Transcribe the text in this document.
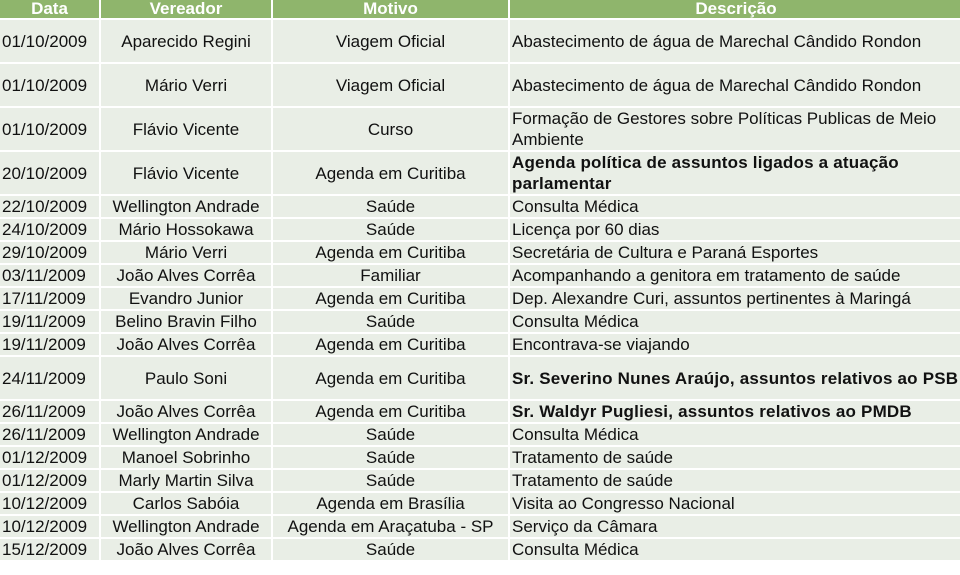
Data	Vereador	Motivo	Descrição
01/10/2009	Aparecido Regini	Viagem Oficial	Abastecimento de água de Marechal Cândido Rondon
01/10/2009	Mário Verri	Viagem Oficial	Abastecimento de água de Marechal Cândido Rondon
01/10/2009	Flávio Vicente	Curso	Formação de Gestores sobre Políticas Publicas de Meio Ambiente
20/10/2009	Flávio Vicente	Agenda em Curitiba	Agenda política de assuntos ligados a atuação parlamentar
22/10/2009	Wellington Andrade	Saúde	Consulta Médica
24/10/2009	Mário Hossokawa	Saúde	Licença por 60 dias
29/10/2009	Mário Verri	Agenda em Curitiba	Secretária de Cultura e Paraná Esportes
03/11/2009	João Alves Corrêa	Familiar	Acompanhando a genitora em tratamento de saúde
17/11/2009	Evandro Junior	Agenda em Curitiba	Dep. Alexandre Curi, assuntos pertinentes à Maringá
19/11/2009	Belino Bravin Filho	Saúde	Consulta Médica
19/11/2009	João Alves Corrêa	Agenda em Curitiba	Encontrava-se viajando
24/11/2009	Paulo Soni	Agenda em Curitiba	Sr. Severino Nunes Araújo, assuntos relativos ao PSB
26/11/2009	João Alves Corrêa	Agenda em Curitiba	Sr. Waldyr Pugliesi, assuntos relativos ao PMDB
26/11/2009	Wellington Andrade	Saúde	Consulta Médica
01/12/2009	Manoel Sobrinho	Saúde	Tratamento de saúde
01/12/2009	Marly Martin Silva	Saúde	Tratamento de saúde
10/12/2009	Carlos Sabóia	Agenda em Brasília	Visita ao Congresso Nacional
10/12/2009	Wellington Andrade	Agenda em Araçatuba - SP	Serviço da Câmara
15/12/2009	João Alves Corrêa	Saúde	Consulta Médica
